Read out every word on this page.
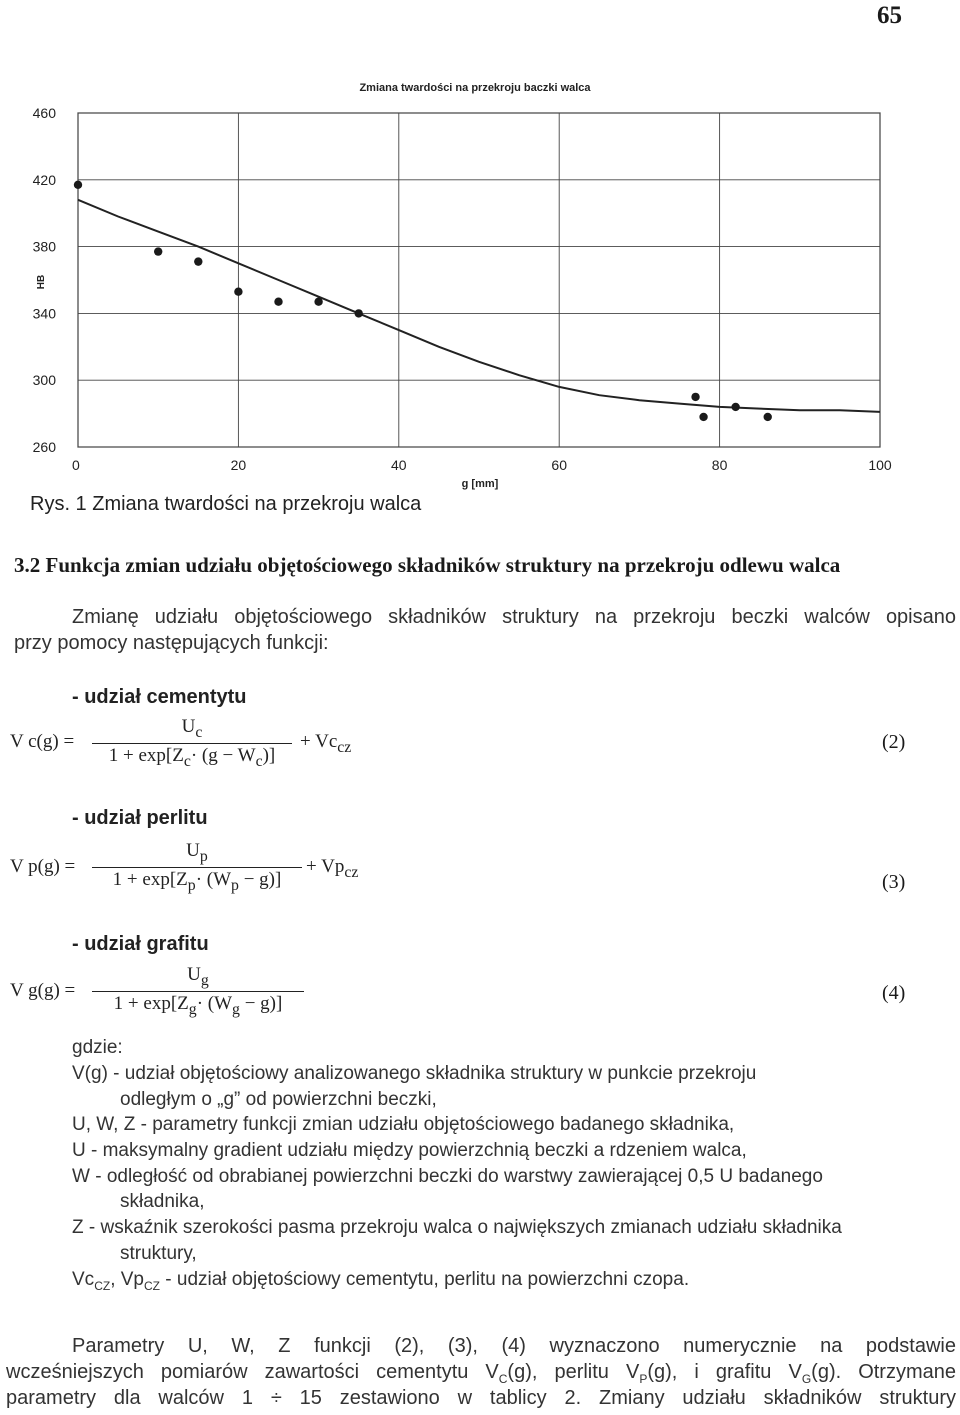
65
Zmiana twardości na przekroju baczki walca
460
420
380
340
300
260
0	20	40	60	80	100
HB
g [mm]
Rys. 1 Zmiana twardości na przekroju walca
3.2 Funkcja zmian udziału objętościowego składników struktury na przekroju odlewu walca
Zmianę udziału objętościowego składników struktury na przekroju beczki walców opisano
przy pomocy następujących funkcji:
- udział cementytu
V $c(g) = \frac{U_c}{1 + \exp[Z_c\cdot (g - W_c)]} + Vc_{cz}$	(2)
- udział perlitu
V $p(g) = \frac{U_p}{1 + \exp[Z_p\cdot (W_p - g)]} + Vp_{cz}$	(3)
- udział grafitu
V $g(g) = \frac{U_g}{1 + \exp[Z_g\cdot (W_g - g)]}$	(4)
gdzie:
V(g) - udział objętościowy analizowanego składnika struktury w punkcie przekroju
odległym o „g” od powierzchni beczki,
U, W, Z - parametry funkcji zmian udziału objętościowego badanego składnika,
U - maksymalny gradient udziału między powierzchnią beczki a rdzeniem walca,
W - odległość od obrabianej powierzchni beczki do warstwy zawierającej 0,5 U badanego
składnika,
Z - wskaźnik szerokości pasma przekroju walca o największych zmianach udziału składnika
struktury,
$Vc_{CZ}$, $Vp_{CZ}$ - udział objętościowy cementytu, perlitu na powierzchni czopa.
Parametry U, W, Z funkcji (2), (3), (4) wyznaczono numerycznie na podstawie
wcześniejszych pomiarów zawartości cementytu $V_C(g)$, perlitu $V_P(g)$, i grafitu $V_G(g)$. Otrzymane
parametry dla walców 1 ÷ 15 zestawiono w tablicy 2. Zmiany udziału składników struktury
